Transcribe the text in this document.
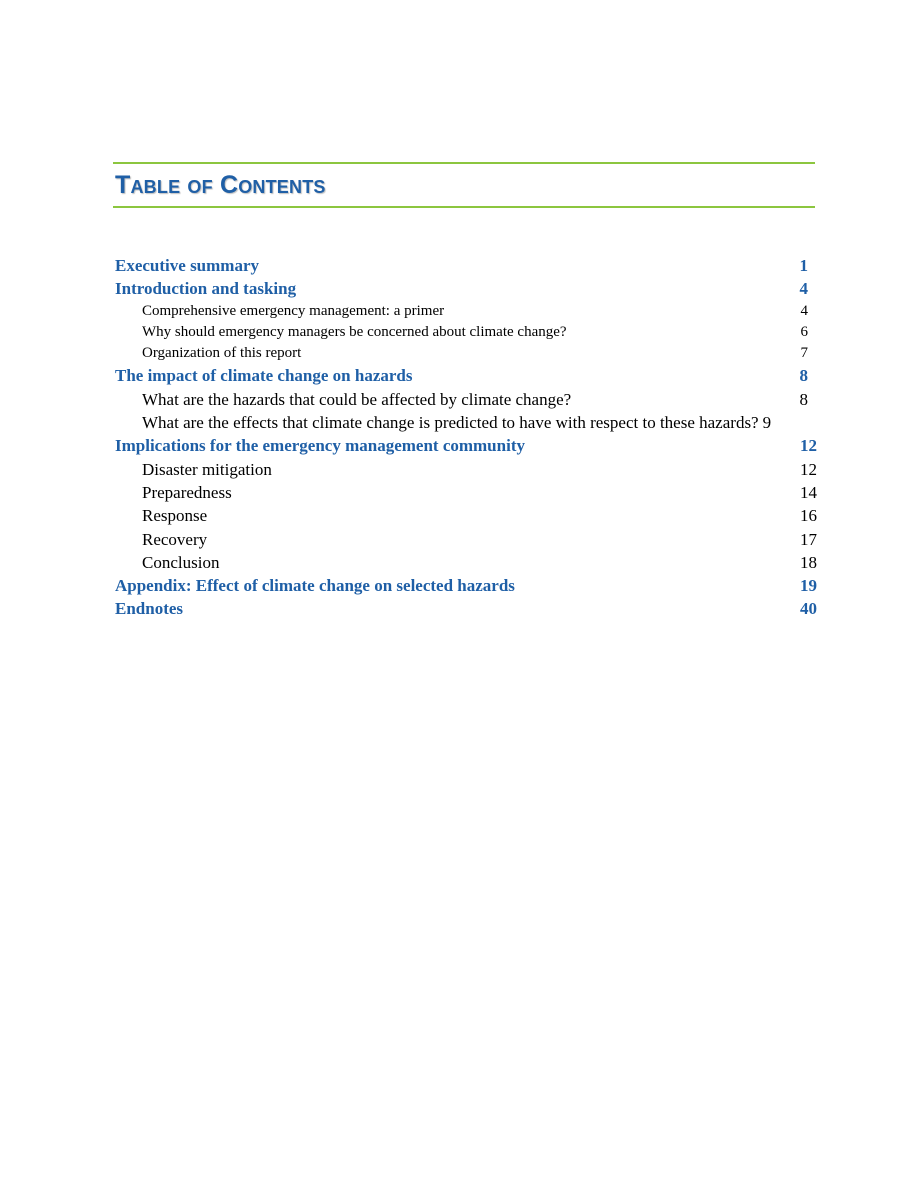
Table of Contents
Executive summary	1
Introduction and tasking	4
Comprehensive emergency management: a primer	4
Why should emergency managers be concerned about climate change?	6
Organization of this report	7
The impact of climate change on hazards	8
What are the hazards that could be affected by climate change?	8
What are the effects that climate change is predicted to have with respect to these hazards? 9
Implications for the emergency management community	12
Disaster mitigation	12
Preparedness	14
Response	16
Recovery	17
Conclusion	18
Appendix: Effect of climate change on selected hazards	19
Endnotes	40
